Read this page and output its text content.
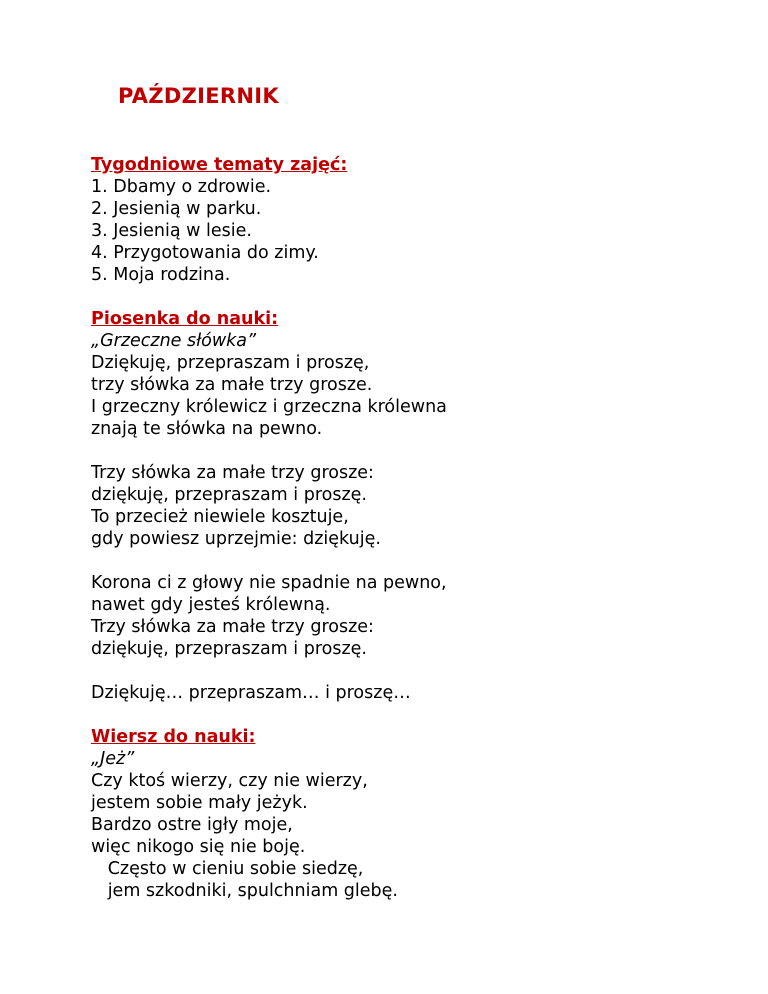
PAŹDZIERNIK
Tygodniowe tematy zajęć:
1. Dbamy o zdrowie.
2. Jesienią w parku.
3. Jesienią w lesie.
4. Przygotowania do zimy.
5. Moja rodzina.
Piosenka do nauki:
„Grzeczne słówka”
Dziękuję, przepraszam i proszę,
trzy słówka za małe trzy grosze.
I grzeczny królewicz i grzeczna królewna
znają te słówka na pewno.
Trzy słówka za małe trzy grosze:
dziękuję, przepraszam i proszę.
To przecież niewiele kosztuje,
gdy powiesz uprzejmie: dziękuję.
Korona ci z głowy nie spadnie na pewno,
nawet gdy jesteś królewną.
Trzy słówka za małe trzy grosze:
dziękuję, przepraszam i proszę.
Dziękuję… przepraszam… i proszę…
Wiersz do nauki:
„Jeż”
Czy ktoś wierzy, czy nie wierzy,
jestem sobie mały jeżyk.
Bardzo ostre igły moje,
więc nikogo się nie boję.
Często w cieniu sobie siedzę,
jem szkodniki, spulchniam glebę.
